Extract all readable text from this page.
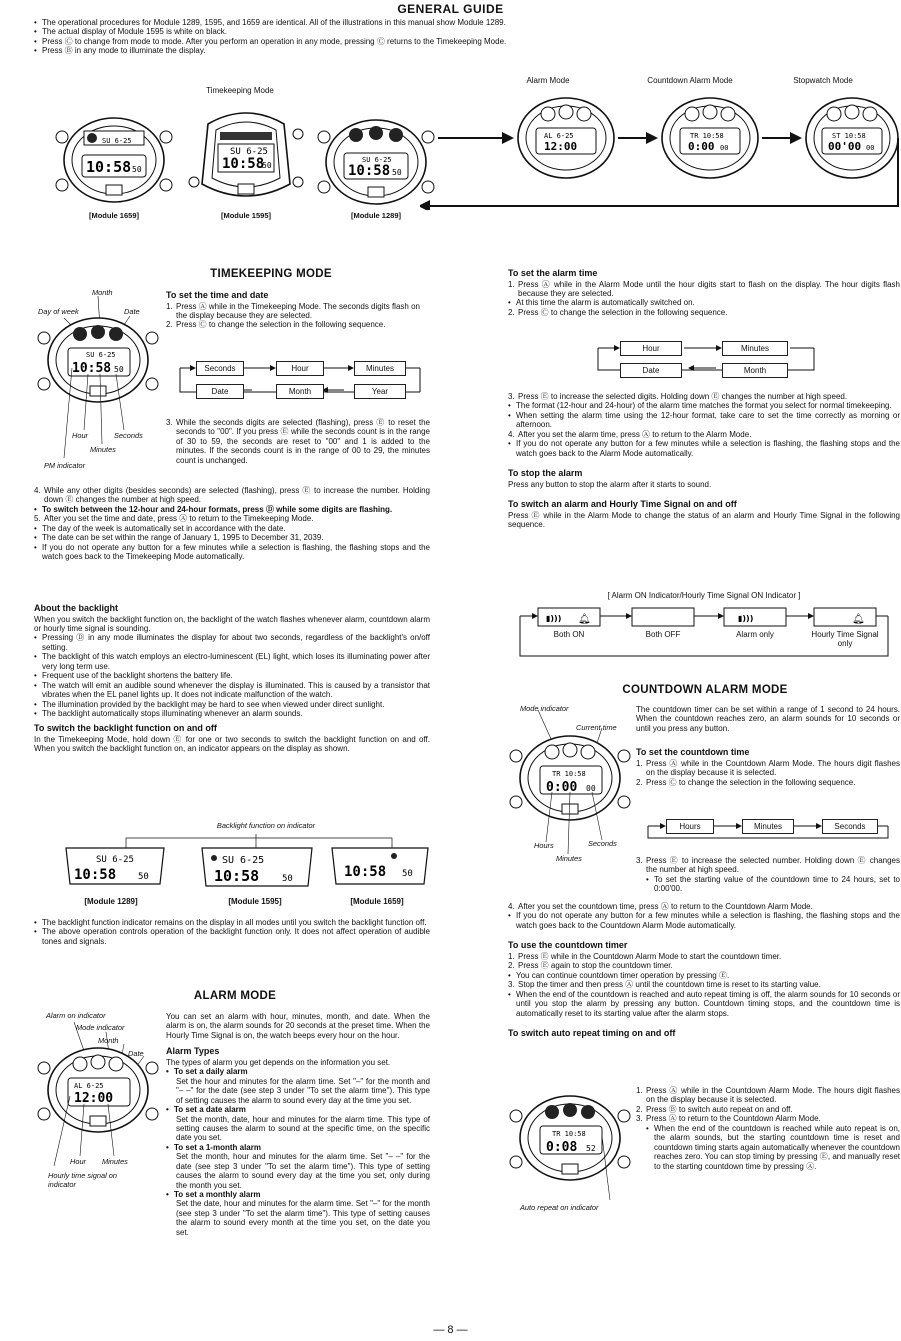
GENERAL GUIDE
• The operational procedures for Module 1289, 1595, and 1659 are identical. All of the illustrations in this manual show Module 1289.
• The actual display of Module 1595 is white on black.
• Press Ⓒ to change from mode to mode. After you perform an operation in any mode, pressing Ⓒ returns to the Timekeeping Mode.
• Press Ⓑ in any mode to illuminate the display.
Timekeeping Mode
Alarm Mode	Countdown Alarm Mode	Stopwatch Mode
SU 6-25
10:58 50
SU 6-25
10:58
50
SU 6-25
10:58 50
[Module 1659]	[Module 1595]	[Module 1289]
AL 6-25
12:00
TR 10:58
0:00 00
ST 10:58
00'00 00
TIMEKEEPING MODE
SU 6-25
10:58 50
Month
Day of week	Date
Hour	Seconds
Minutes
PM indicator
To set the time and date
1. Press Ⓐ while in the Timekeeping Mode. The seconds digits flash on the display because they are selected.
2. Press Ⓒ to change the selection in the following sequence.
Seconds	Hour	Minutes
Date	Month	Year
3. While the seconds digits are selected (flashing), press Ⓔ to reset the seconds to "00". If you press Ⓔ while the seconds count is in the range of 30 to 59, the seconds are reset to "00" and 1 is added to the minutes. If the seconds count is in the range of 00 to 29, the minutes count is unchanged.
4. While any other digits (besides seconds) are selected (flashing), press Ⓔ to increase the number. Holding down Ⓔ changes the number at high speed.
• To switch between the 12-hour and 24-hour formats, press Ⓓ while some digits are flashing.
5. After you set the time and date, press Ⓐ to return to the Timekeeping Mode.
• The day of the week is automatically set in accordance with the date.
• The date can be set within the range of January 1, 1995 to December 31, 2039.
• If you do not operate any button for a few minutes while a selection is flashing, the flashing stops and the watch goes back to the Timekeeping Mode automatically.
About the backlight
When you switch the backlight function on, the backlight of the watch flashes whenever alarm, countdown alarm or hourly time signal is sounding.
• Pressing Ⓓ in any mode illuminates the display for about two seconds, regardless of the backlight's on/off setting.
• The backlight of this watch employs an electro-luminescent (EL) light, which loses its illuminating power after very long term use.
• Frequent use of the backlight shortens the battery life.
• The watch will emit an audible sound whenever the display is illuminated. This is caused by a transistor that vibrates when the EL panel lights up. It does not indicate malfunction of the watch.
• The illumination provided by the backlight may be hard to see when viewed under direct sunlight.
• The backlight automatically stops illuminating whenever an alarm sounds.
To switch the backlight function on and off
In the Timekeeping Mode, hold down Ⓔ for one or two seconds to switch the backlight function on and off. When you switch the backlight function on, an indicator appears on the display as shown.
Backlight function on indicator
SU 6-25
10:58 50
SU 6-25
10:58	50	10:58 50
[Module 1289]	[Module 1595]	[Module 1659]
• The backlight function indicator remains on the display in all modes until you switch the backlight function off.
• The above operation controls operation of the backlight function only. It does not affect operation of audible tones and signals.
ALARM MODE
AL 6-25
12:00
Alarm on indicator
Mode indicator
Month
Date
Hour Minutes
Hourly time signal on indicator
You can set an alarm with hour, minutes, month, and date. When the alarm is on, the alarm sounds for 20 seconds at the preset time. When the Hourly Time Signal is on, the watch beeps every hour on the hour.
Alarm Types
The types of alarm you get depends on the information you set.
• To set a daily alarm
Set the hour and minutes for the alarm time. Set "–" for the month and "– –" for the date (see step 3 under "To set the alarm time"). This type of setting causes the alarm to sound every day at the time you set.
• To set a date alarm
Set the month, date, hour and minutes for the alarm time. This type of setting causes the alarm to sound at the specific time, on the specific date you set.
• To set a 1-month alarm
Set the month, hour and minutes for the alarm time. Set "– –" for the date (see step 3 under "To set the alarm time"). This type of setting causes the alarm to sound every day at the time you set, only during the month you set.
• To set a monthly alarm
Set the date, hour and minutes for the alarm time. Set "–" for the month (see step 3 under "To set the alarm time"). This type of setting causes the alarm to sound every month at the time you set, on the date you set.
To set the alarm time
1. Press Ⓐ while in the Alarm Mode until the hour digits start to flash on the display. The hour digits flash because they are selected.
• At this time the alarm is automatically switched on.
2. Press Ⓒ to change the selection in the following sequence.
Hour	Minutes
Date	Month
3. Press Ⓔ to increase the selected digits. Holding down Ⓔ changes the number at high speed.
• The format (12-hour and 24-hour) of the alarm time matches the format you select for normal timekeeping.
• When setting the alarm time using the 12-hour format, take care to set the time correctly as morning or afternoon.
4. After you set the alarm time, press Ⓐ to return to the Alarm Mode.
• If you do not operate any button for a few minutes while a selection is flashing, the flashing stops and the watch goes back to the Alarm Mode automatically.
To stop the alarm
Press any button to stop the alarm after it starts to sound.
To switch an alarm and Hourly Time Signal on and off
Press Ⓔ while in the Alarm Mode to change the status of an alarm and Hourly Time Signal in the following sequence.
[ Alarm ON Indicator/Hourly Time Signal ON Indicator ]
▮))) 🔔︎	▮)))	🔔︎
Both ON	Both OFF	Alarm only	Hourly Time Signal only
COUNTDOWN ALARM MODE
TR 10:58
0:00 00
Mode indicator
Current time
Hours	Seconds
Minutes
The countdown timer can be set within a range of 1 second to 24 hours. When the countdown reaches zero, an alarm sounds for 10 seconds or until you press any button.
To set the countdown time
1. Press Ⓐ while in the Countdown Alarm Mode. The hours digit flashes on the display because it is selected.
2. Press Ⓒ to change the selection in the following sequence.
Hours	Minutes	Seconds
3. Press Ⓔ to increase the selected number. Holding down Ⓔ changes the number at high speed.
• To set the starting value of the countdown time to 24 hours, set to 0:00'00.
4. After you set the countdown time, press Ⓐ to return to the Countdown Alarm Mode.
• If you do not operate any button for a few minutes while a selection is flashing, the flashing stops and the watch goes back to the Countdown Alarm Mode automatically.
To use the countdown timer
1. Press Ⓔ while in the Countdown Alarm Mode to start the countdown timer.
2. Press Ⓔ again to stop the countdown timer.
• You can continue countdown timer operation by pressing Ⓔ.
3. Stop the timer and then press Ⓐ until the countdown time is reset to its starting value.
• When the end of the countdown is reached and auto repeat timing is off, the alarm sounds for 10 seconds or until you stop the alarm by pressing any button. Countdown timing stops, and the countdown time is automatically reset to its starting value after the alarm stops.
To switch auto repeat timing on and off
TR 10:58
0:08 52
Auto repeat on indicator
1. Press Ⓐ while in the Countdown Alarm Mode. The hours digit flashes on the display because it is selected.
2. Press Ⓑ to switch auto repeat on and off.
3. Press Ⓐ to return to the Countdown Alarm Mode.
• When the end of the countdown is reached while auto repeat is on, the alarm sounds, but the starting countdown time is reset and countdown timing starts again automatically whenever the countdown reaches zero. You can stop timing by pressing Ⓔ, and manually reset to the starting countdown time by pressing Ⓐ.
— 8 —
